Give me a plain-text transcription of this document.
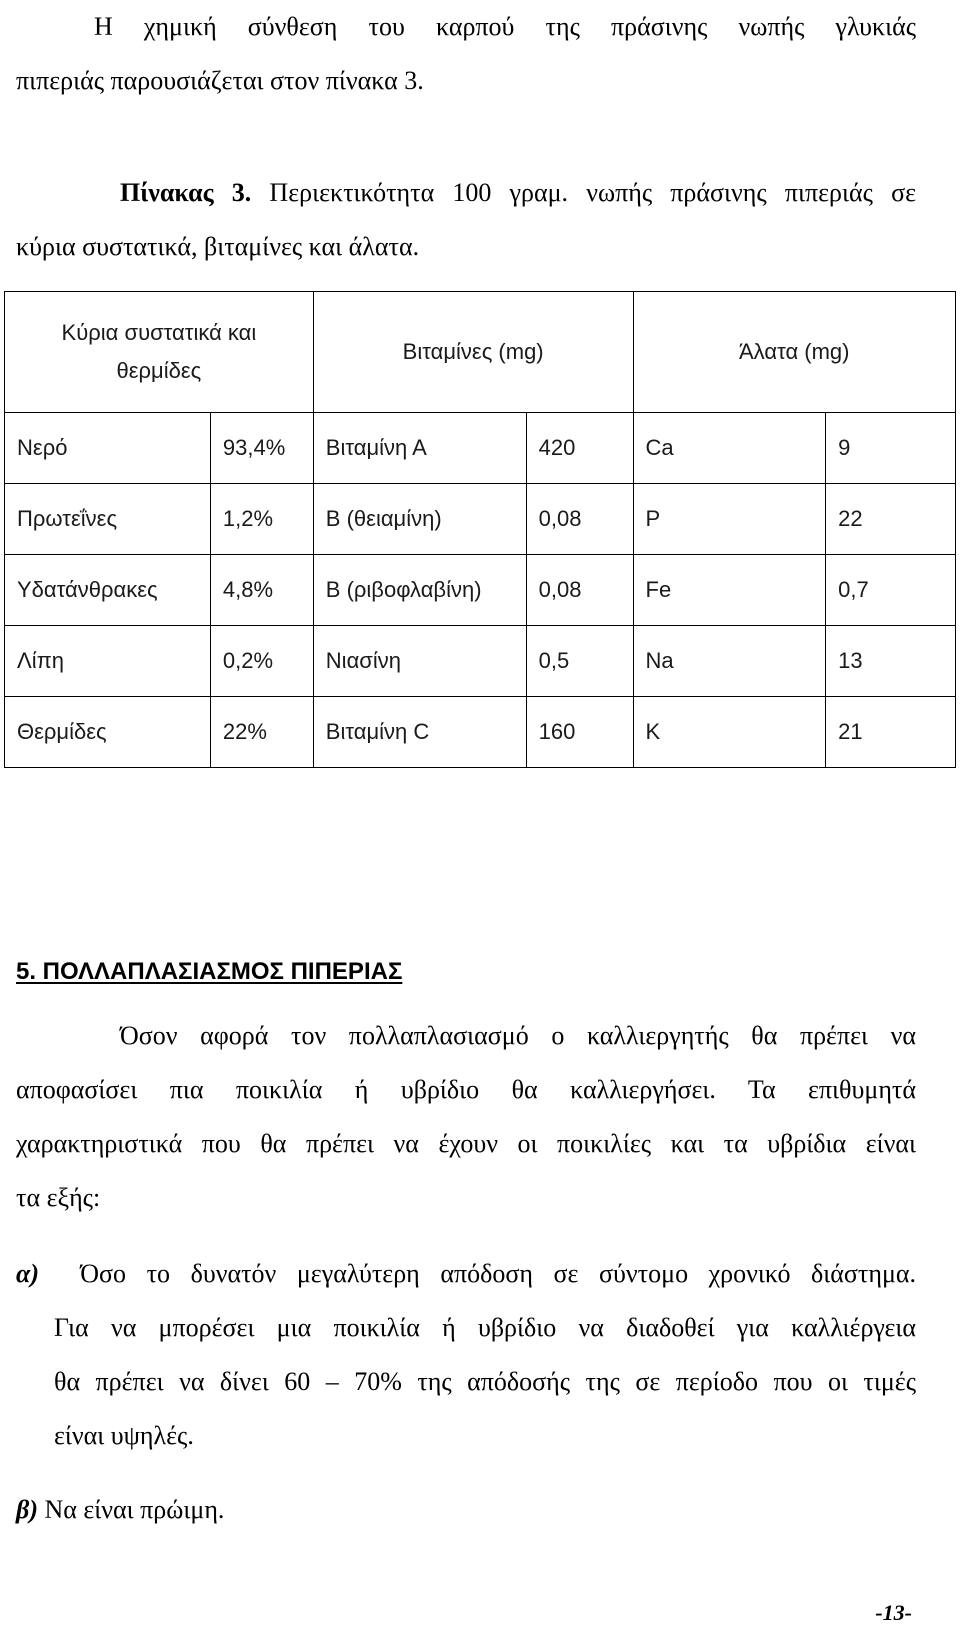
Η χημική σύνθεση του καρπού της πράσινης νωπής γλυκιάς
πιπεριάς παρουσιάζεται στον πίνακα 3.
Πίνακας 3. Περιεκτικότητα 100 γραμ. νωπής πράσινης πιπεριάς σε
κύρια συστατικά, βιταμίνες και άλατα.
Κύρια συστατικά και
θερμίδες		Βιταμίνες (mg)		Άλατα (mg)	
Νερό	93,4%	Βιταμίνη Α	420	Ca	9
Πρωτεΐνες	1,2%	Β (θειαμίνη)	0,08	P	22
Υδατάνθρακες	4,8%	Β (ριβοφλαβίνη)	0,08	Fe	0,7
Λίπη	0,2%	Νιασίνη	0,5	Na	13
Θερμίδες	22%	Βιταμίνη C	160	K	21
5. ΠΟΛΛΑΠΛΑΣΙΑΣΜΟΣ ΠΙΠΕΡΙΑΣ
Όσον αφορά τον πολλαπλασιασμό ο καλλιεργητής θα πρέπει να
αποφασίσει πια ποικιλία ή υβρίδιο θα καλλιεργήσει. Τα επιθυμητά
χαρακτηριστικά που θα πρέπει να έχουν οι ποικιλίες και τα υβρίδια είναι
τα εξής:
α) Όσο το δυνατόν μεγαλύτερη απόδοση σε σύντομο χρονικό διάστημα.
Για να μπορέσει μια ποικιλία ή υβρίδιο να διαδοθεί για καλλιέργεια
θα πρέπει να δίνει 60 – 70% της απόδοσής της σε περίοδο που οι τιμές
είναι υψηλές.
β) Να είναι πρώιμη.
-13-
